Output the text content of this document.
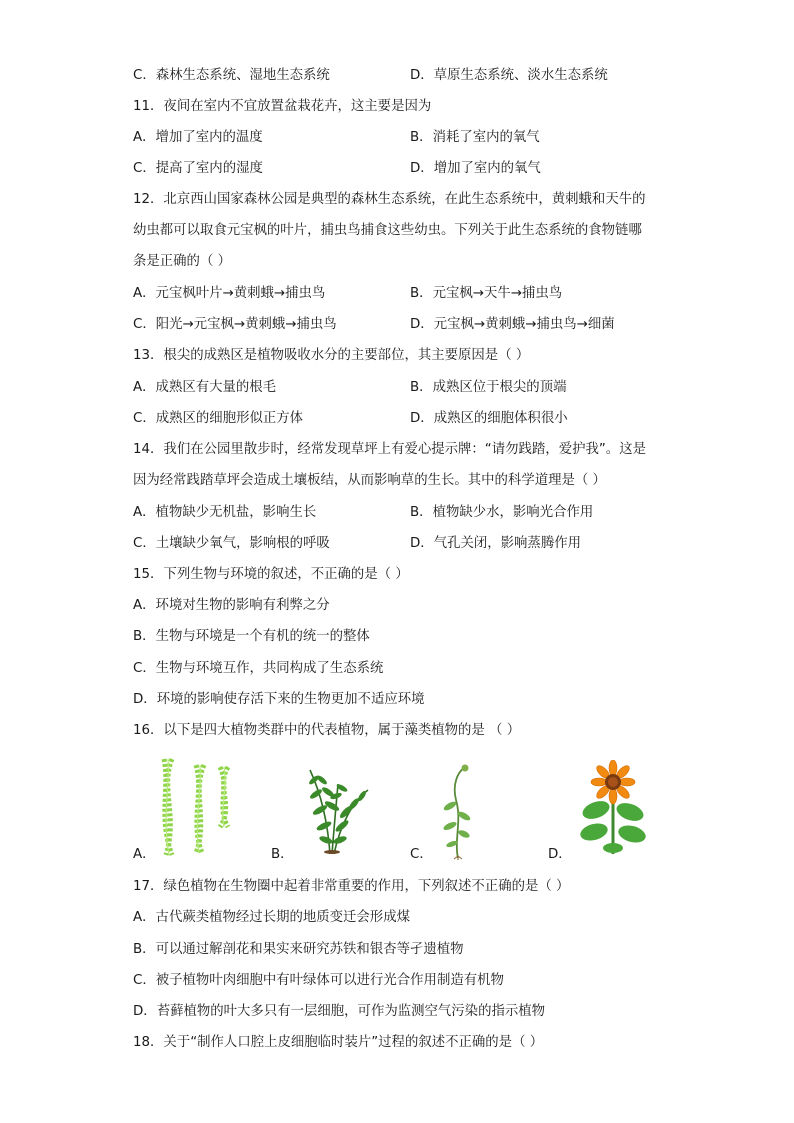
C．森林生态系统、湿地生态系统	D．草原生态系统、淡水生态系统
11．夜间在室内不宜放置盆栽花卉，这主要是因为
A．增加了室内的温度	B．消耗了室内的氧气
C．提高了室内的湿度	D．增加了室内的氧气
12．北京西山国家森林公园是典型的森林生态系统，在此生态系统中，黄刺蛾和天牛的
幼虫都可以取食元宝枫的叶片，捕虫鸟捕食这些幼虫。下列关于此生态系统的食物链哪
条是正确的（ ）
A．元宝枫叶片→黄刺蛾→捕虫鸟	B．元宝枫→天牛→捕虫鸟
C．阳光→元宝枫→黄刺蛾→捕虫鸟	D．元宝枫→黄刺蛾→捕虫鸟→细菌
13．根尖的成熟区是植物吸收水分的主要部位，其主要原因是（ ）
A．成熟区有大量的根毛	B．成熟区位于根尖的顶端
C．成熟区的细胞形似正方体	D．成熟区的细胞体积很小
14．我们在公园里散步时，经常发现草坪上有爱心提示牌：“请勿践踏，爱护我”。这是
因为经常践踏草坪会造成土壤板结，从而影响草的生长。其中的科学道理是（ ）
A．植物缺少无机盐，影响生长	B．植物缺少水，影响光合作用
C．土壤缺少氧气，影响根的呼吸	D．气孔关闭，影响蒸腾作用
15．下列生物与环境的叙述，不正确的是（ ）
A．环境对生物的影响有利弊之分
B．生物与环境是一个有机的统一的整体
C．生物与环境互作，共同构成了生态系统
D．环境的影响使存活下来的生物更加不适应环境
16．以下是四大植物类群中的代表植物，属于藻类植物的是 （ ）
A．	B．	C．	D．
17．绿色植物在生物圈中起着非常重要的作用，下列叙述不正确的是（ ）
A．古代蕨类植物经过长期的地质变迁会形成煤
B．可以通过解剖花和果实来研究苏铁和银杏等孑遗植物
C．被子植物叶肉细胞中有叶绿体可以进行光合作用制造有机物
D．苔藓植物的叶大多只有一层细胞，可作为监测空气污染的指示植物
18．关于“制作人口腔上皮细胞临时装片”过程的叙述不正确的是（ ）
